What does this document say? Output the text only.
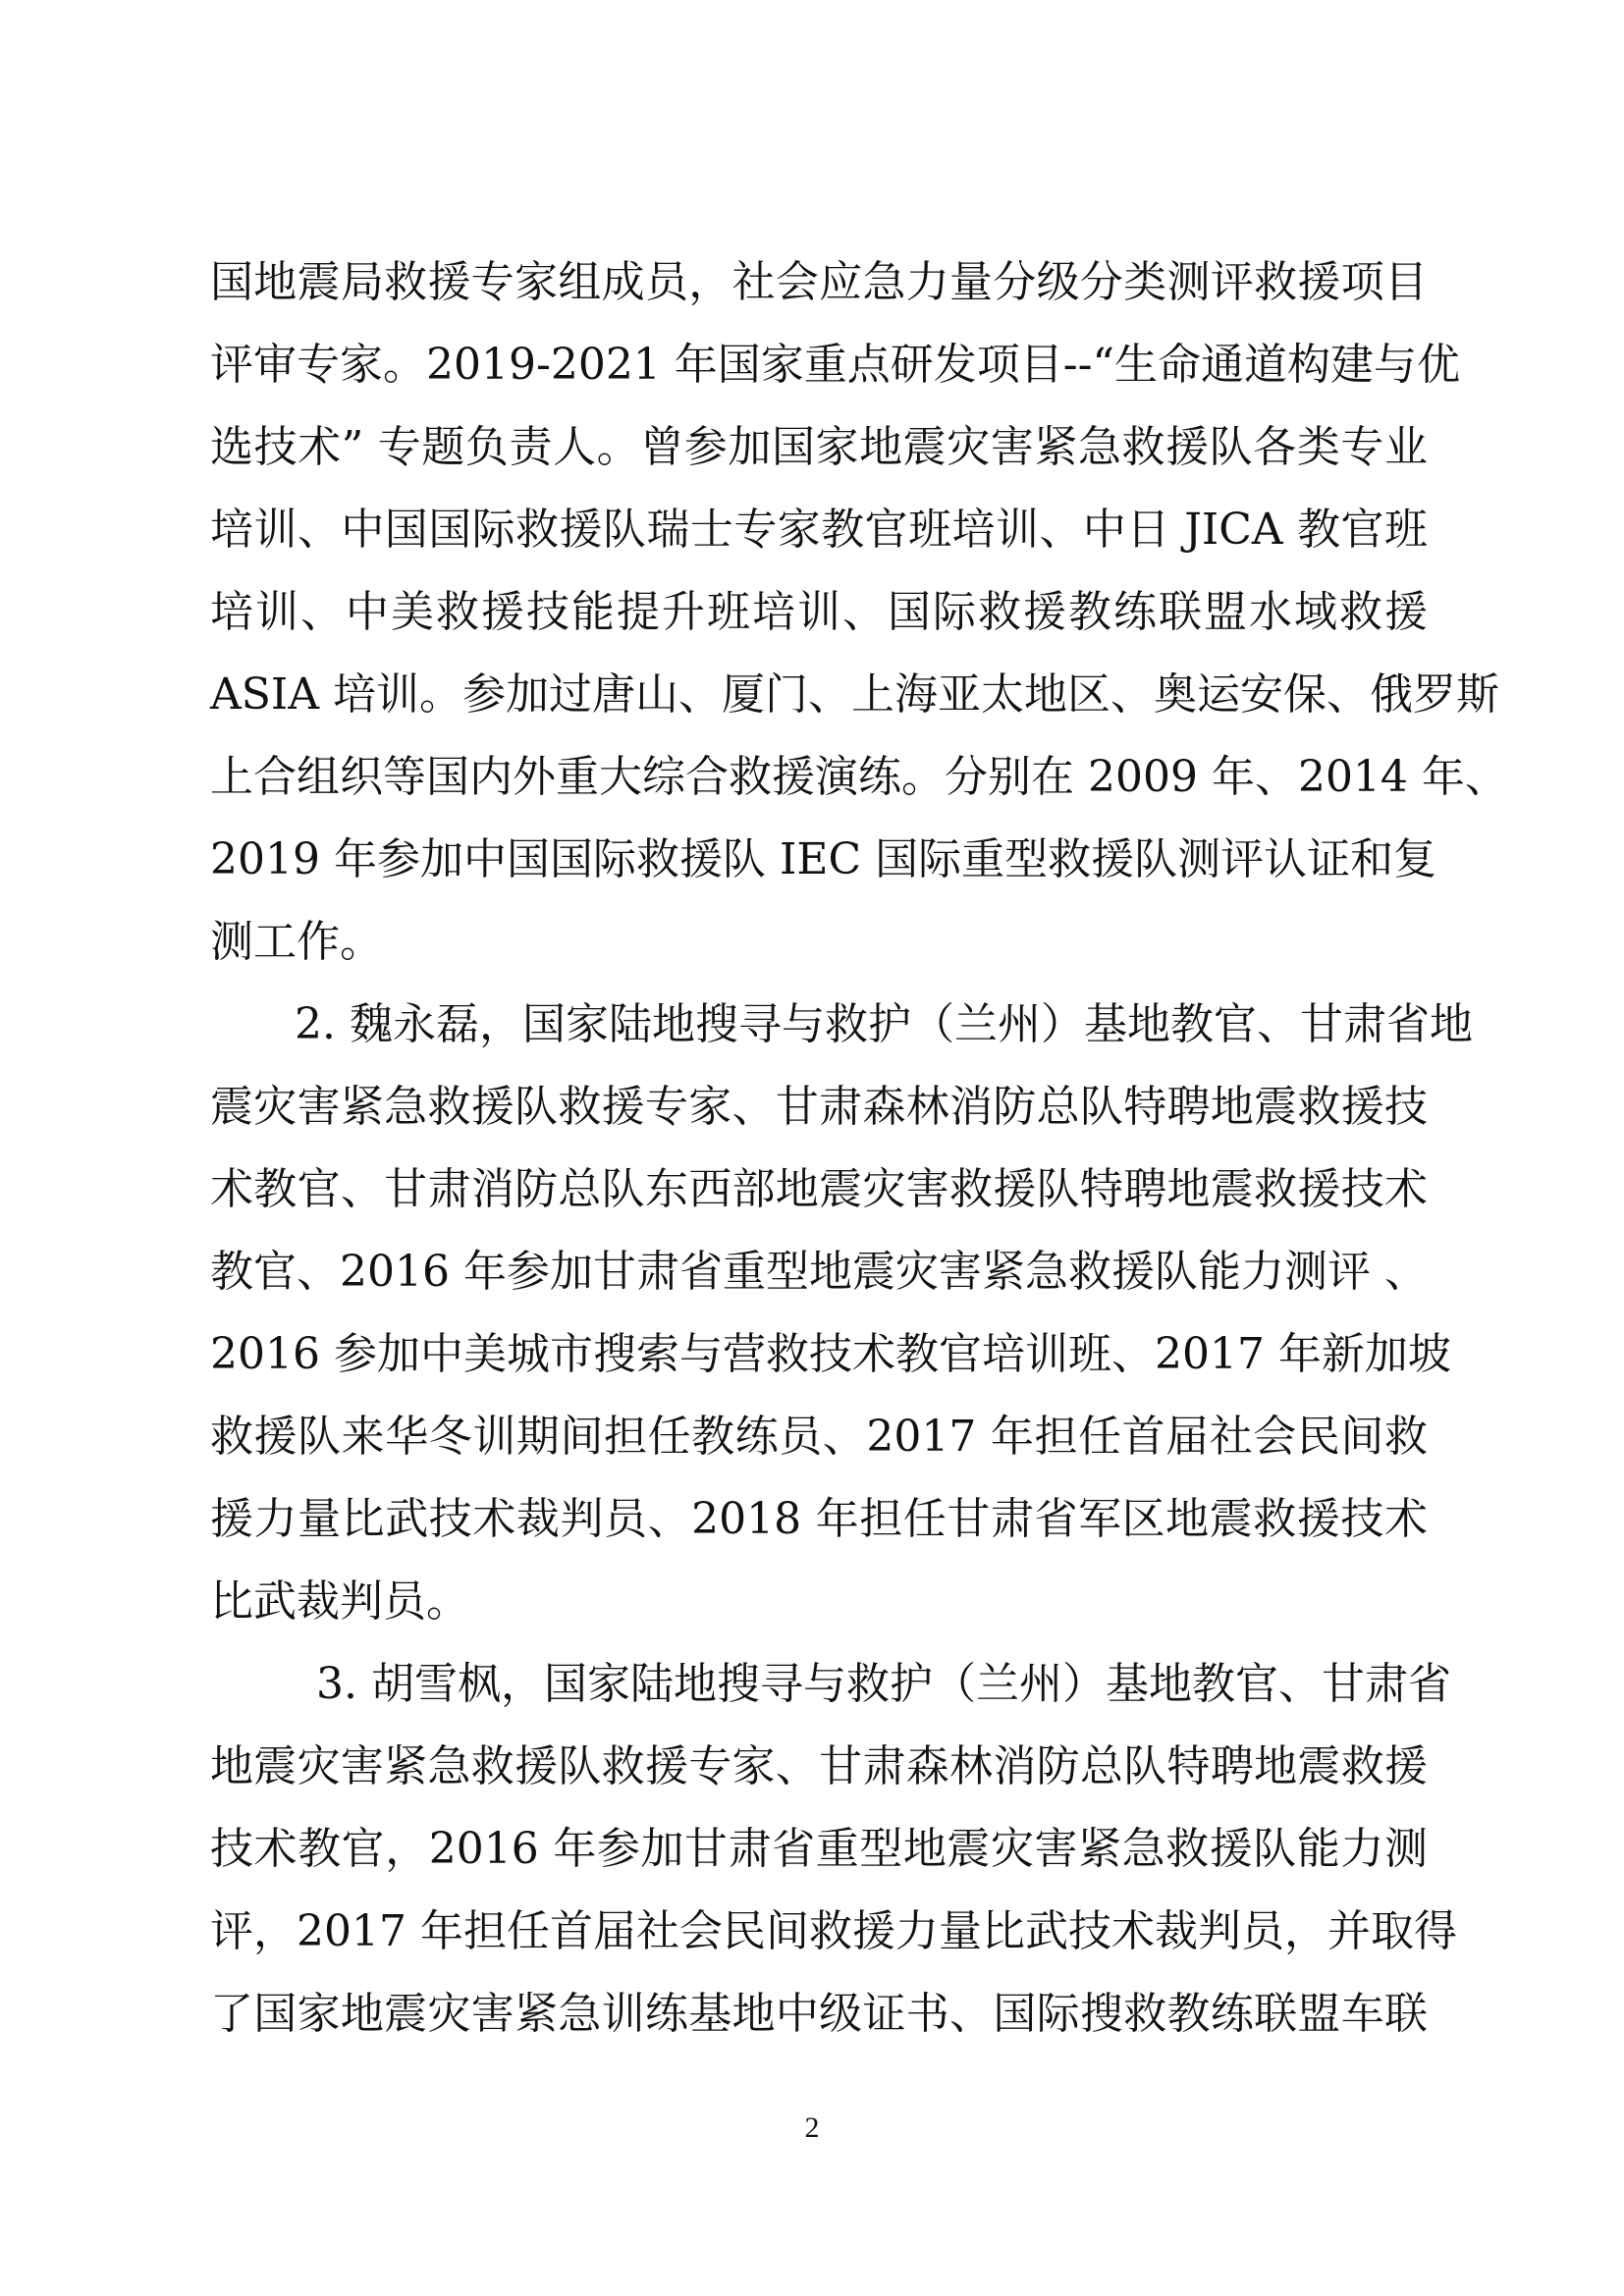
国地震局救援专家组成员，社会应急力量分级分类测评救援项目
评审专家。2019-2021 年国家重点研发项目--“生命通道构建与优
选技术” 专题负责人。曾参加国家地震灾害紧急救援队各类专业
培训、中国国际救援队瑞士专家教官班培训、中日 JICA 教官班
培训、中美救援技能提升班培训、国际救援教练联盟水域救援
ASIA 培训。参加过唐山、厦门、上海亚太地区、奥运安保、俄罗斯
上合组织等国内外重大综合救援演练。分别在 2009 年、2014 年、
2019 年参加中国国际救援队 IEC 国际重型救援队测评认证和复
测工作。
2. 魏永磊，国家陆地搜寻与救护（兰州）基地教官、甘肃省地
震灾害紧急救援队救援专家、甘肃森林消防总队特聘地震救援技
术教官、甘肃消防总队东西部地震灾害救援队特聘地震救援技术
教官、2016 年参加甘肃省重型地震灾害紧急救援队能力测评 、
2016 参加中美城市搜索与营救技术教官培训班、2017 年新加坡
救援队来华冬训期间担任教练员、2017 年担任首届社会民间救
援力量比武技术裁判员、2018 年担任甘肃省军区地震救援技术
比武裁判员。
3. 胡雪枫，国家陆地搜寻与救护（兰州）基地教官、甘肃省
地震灾害紧急救援队救援专家、甘肃森林消防总队特聘地震救援
技术教官，2016 年参加甘肃省重型地震灾害紧急救援队能力测
评，2017 年担任首届社会民间救援力量比武技术裁判员，并取得
了国家地震灾害紧急训练基地中级证书、国际搜救教练联盟车联
2
